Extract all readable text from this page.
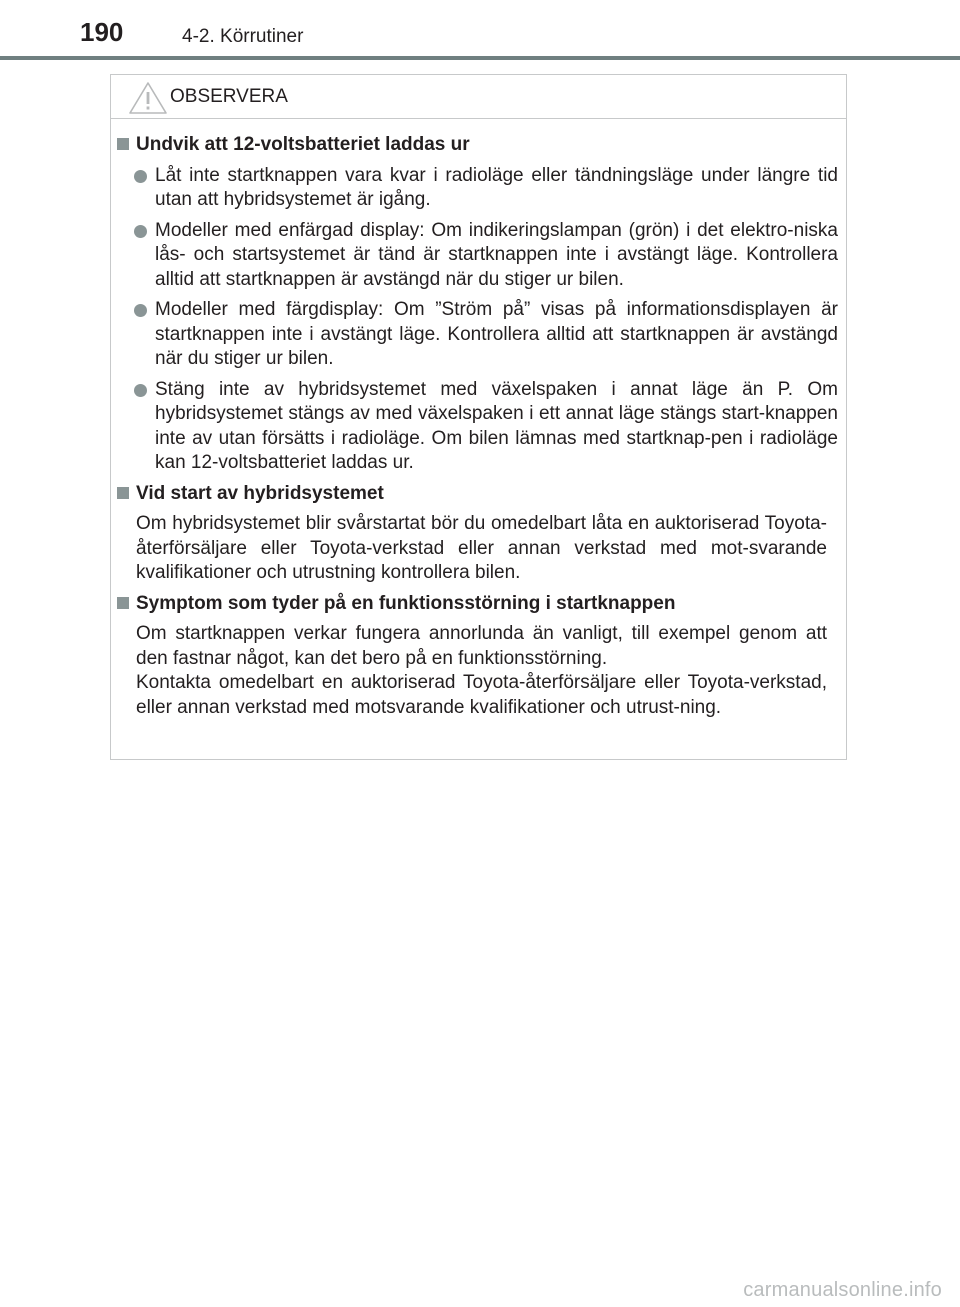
190	4-2. Körrutiner
OBSERVERA
Undvik att 12-voltsbatteriet laddas ur
Låt inte startknappen vara kvar i radioläge eller tändningsläge under längre tid utan att hybridsystemet är igång.
Modeller med enfärgad display: Om indikeringslampan (grön) i det elektro-niska lås- och startsystemet är tänd är startknappen inte i avstängt läge. Kontrollera alltid att startknappen är avstängd när du stiger ur bilen.
Modeller med färgdisplay: Om ”Ström på” visas på informationsdisplayen är startknappen inte i avstängt läge. Kontrollera alltid att startknappen är avstängd när du stiger ur bilen.
Stäng inte av hybridsystemet med växelspaken i annat läge än P. Om hybridsystemet stängs av med växelspaken i ett annat läge stängs start-knappen inte av utan försätts i radioläge. Om bilen lämnas med startknap-pen i radioläge kan 12-voltsbatteriet laddas ur.
Vid start av hybridsystemet
Om hybridsystemet blir svårstartat bör du omedelbart låta en auktoriserad Toyota-återförsäljare eller Toyota-verkstad eller annan verkstad med mot-svarande kvalifikationer och utrustning kontrollera bilen.
Symptom som tyder på en funktionsstörning i startknappen
Om startknappen verkar fungera annorlunda än vanligt, till exempel genom att den fastnar något, kan det bero på en funktionsstörning.
Kontakta omedelbart en auktoriserad Toyota-återförsäljare eller Toyota-verkstad, eller annan verkstad med motsvarande kvalifikationer och utrust-ning.
carmanualsonline.info
